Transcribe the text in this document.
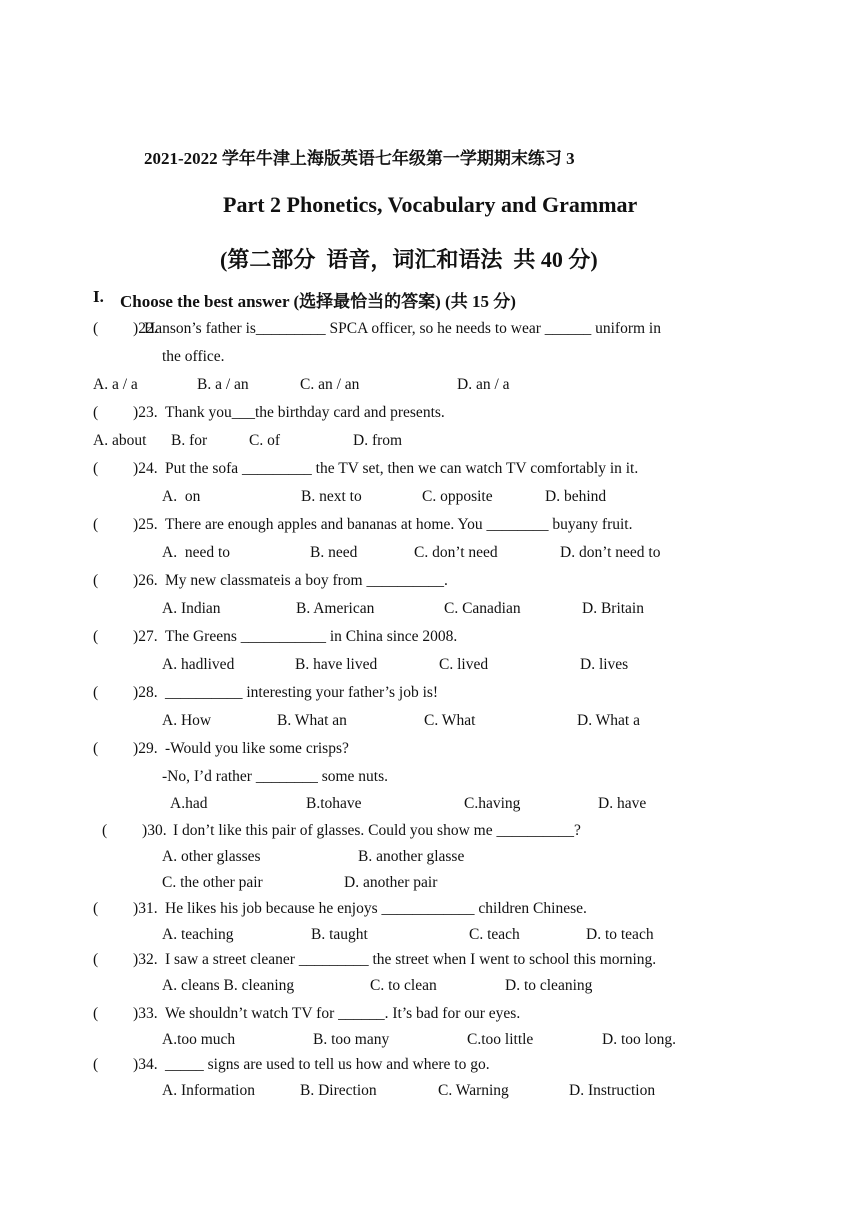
2021-2022 学年牛津上海版英语七年级第一学期期末练习 3
Part 2 Phonetics, Vocabulary and Grammar
(第二部分  语音，词汇和语法  共 40 分)
I. Choose the best answer (选择最恰当的答案) (共 15 分)
(         )22.
Hanson’s father is_________ SPCA officer, so he needs to wear ______ uniform in
the office.
A. a / a	B. a / an	C. an / an	D. an / a
(         )23. Thank you___the birthday card and presents.
A. about B. for	C. of	D. from
(         )24. Put the sofa _________ the TV set, then we can watch TV comfortably in it.
A.  on	B. next to	C. opposite	D. behind
(         )25. There are enough apples and bananas at home. You ________ buyany fruit.
A.  need to	B. need	C. don’t need	D. don’t need to
(         )26. My new classmateis a boy from __________.
A. Indian	B. American	C. Canadian	D. Britain
(         )27. The Greens ___________ in China since 2008.
A. hadlived	B. have lived	C. lived	D. lives
(         )28. __________ interesting your father’s job is!
A. How	B. What an	C. What	D. What a
(         )29. -Would you like some crisps?
-No, I’d rather ________ some nuts.
A.had	B.tohave	C.having	D. have
(         )30. I don’t like this pair of glasses. Could you show me __________?
A. other glasses	B. another glasse
C. the other pair	D. another pair
(         )31. He likes his job because he enjoys ____________ children Chinese.
A. teaching	B. taught	C. teach	D. to teach
(         )32. I saw a street cleaner _________ the street when I went to school this morning.
A. cleans B. cleaning	C. to clean	D. to cleaning
(         )33. We shouldn’t watch TV for ______. It’s bad for our eyes.
A.too much	B. too many	C.too little	D. too long.
(         )34. _____ signs are used to tell us how and where to go.
A. Information	B. Direction	C. Warning	D. Instruction
